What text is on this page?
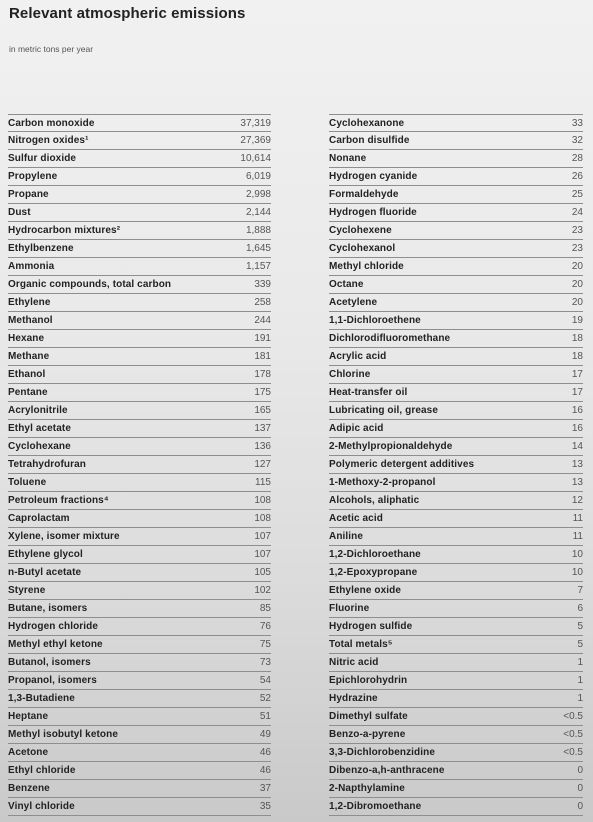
Relevant atmospheric emissions
in metric tons per year
Carbon monoxide	37,319
Nitrogen oxides¹	27,369
Sulfur dioxide	10,614
Propylene	6,019
Propane	2,998
Dust	2,144
Hydrocarbon mixtures²	1,888
Ethylbenzene	1,645
Ammonia	1,157
Organic compounds, total carbon	339
Ethylene	258
Methanol	244
Hexane	191
Methane	181
Ethanol	178
Pentane	175
Acrylonitrile	165
Ethyl acetate	137
Cyclohexane	136
Tetrahydrofuran	127
Toluene	115
Petroleum fractions⁴	108
Caprolactam	108
Xylene, isomer mixture	107
Ethylene glycol	107
n-Butyl acetate	105
Styrene	102
Butane, isomers	85
Hydrogen chloride	76
Methyl ethyl ketone	75
Butanol, isomers	73
Propanol, isomers	54
1,3-Butadiene	52
Heptane	51
Methyl isobutyl ketone	49
Acetone	46
Ethyl chloride	46
Benzene	37
Vinyl chloride	35
Cyclohexanone	33
Carbon disulfide	32
Nonane	28
Hydrogen cyanide	26
Formaldehyde	25
Hydrogen fluoride	24
Cyclohexene	23
Cyclohexanol	23
Methyl chloride	20
Octane	20
Acetylene	20
1,1-Dichloroethene	19
Dichlorodifluoromethane	18
Acrylic acid	18
Chlorine	17
Heat-transfer oil	17
Lubricating oil, grease	16
Adipic acid	16
2-Methylpropionaldehyde	14
Polymeric detergent additives	13
1-Methoxy-2-propanol	13
Alcohols, aliphatic	12
Acetic acid	11
Aniline	11
1,2-Dichloroethane	10
1,2-Epoxypropane	10
Ethylene oxide	7
Fluorine	6
Hydrogen sulfide	5
Total metals⁵	5
Nitric acid	1
Epichlorohydrin	1
Hydrazine	1
Dimethyl sulfate	<0.5
Benzo-a-pyrene	<0.5
3,3-Dichlorobenzidine	<0.5
Dibenzo-a,h-anthracene	0
2-Napthylamine	0
1,2-Dibromoethane	0
